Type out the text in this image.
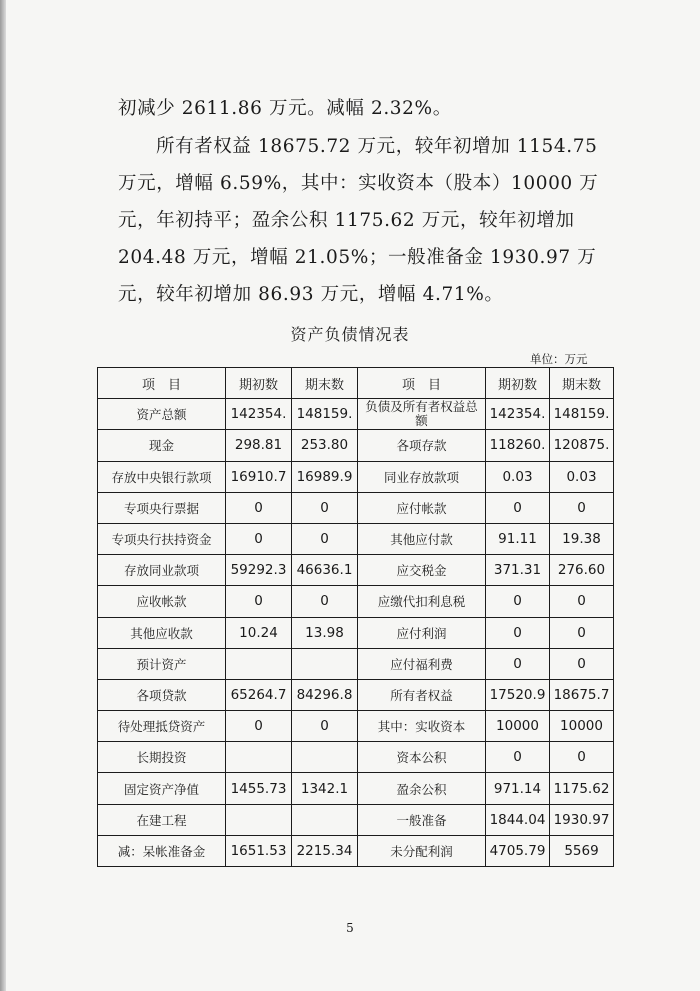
初减少 2611.86 万元。减幅 2.32%。

所有者权益 18675.72 万元，较年初增加 1154.75 万元，增幅 6.59%，其中：实收资本（股本）10000 万元，年初持平；盈余公积 1175.62 万元，较年初增加 204.48 万元，增幅 21.05%；一般准备金 1930.97 万元，较年初增加 86.93 万元，增幅 4.71%。

资产负债情况表
单位：万元
项　目	期初数	期末数	项　目	期初数	期末数
资产总额	142354.	148159.	负债及所有者权益总额	142354.	148159.
现金	298.81	253.80	各项存款	118260.	120875.
存放中央银行款项	16910.7	16989.9	同业存放款项	0.03	0.03
专项央行票据	0	0	应付帐款	0	0
专项央行扶持资金	0	0	其他应付款	91.11	19.38
存放同业款项	59292.3	46636.1	应交税金	371.31	276.60
应收帐款	0	0	应缴代扣利息税	0	0
其他应收款	10.24	13.98	应付利润	0	0
预计资产			应付福利费	0	0
各项贷款	65264.7	84296.8	所有者权益	17520.9	18675.7
待处理抵贷资产	0	0	其中：实收资本	10000	10000
长期投资			资本公积	0	0
固定资产净值	1455.73	1342.1	盈余公积	971.14	1175.62
在建工程			一般准备	1844.04	1930.97
减：呆帐准备金	1651.53	2215.34	未分配利润	4705.79	5569
5
